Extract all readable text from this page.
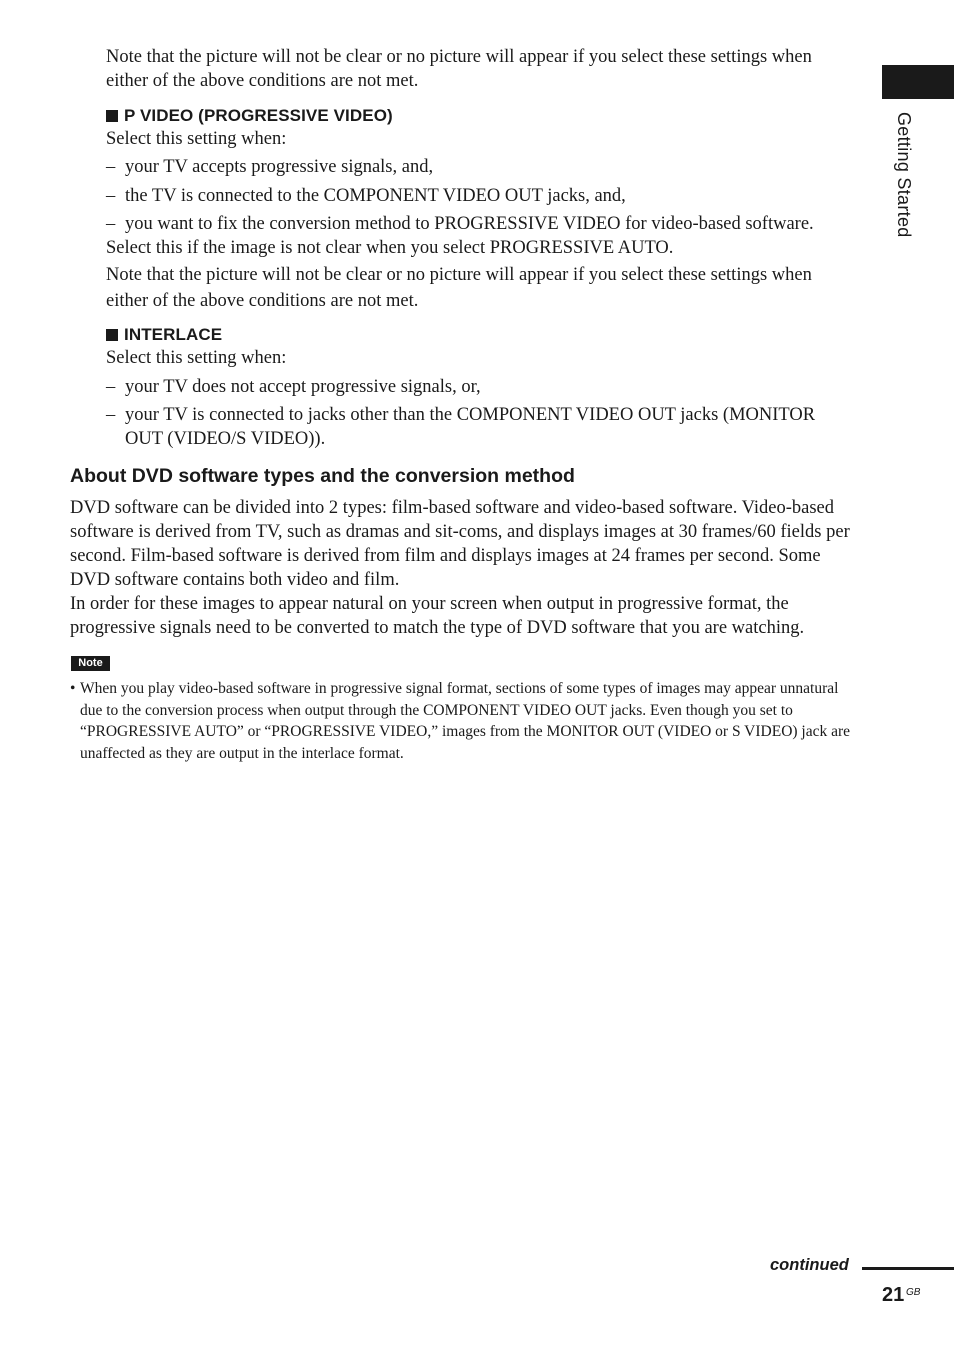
Getting Started
Note that the picture will not be clear or no picture will appear if you select these settings when either of the above conditions are not met.
P VIDEO (PROGRESSIVE VIDEO)
Select this setting when:
– your TV accepts progressive signals, and,
– the TV is connected to the COMPONENT VIDEO OUT jacks, and,
– you want to fix the conversion method to PROGRESSIVE VIDEO for video-based software.
Select this if the image is not clear when you select PROGRESSIVE AUTO.
Note that the picture will not be clear or no picture will appear if you select these settings when either of the above conditions are not met.
INTERLACE
Select this setting when:
– your TV does not accept progressive signals, or,
– your TV is connected to jacks other than the COMPONENT VIDEO OUT jacks (MONITOR OUT (VIDEO/S VIDEO)).
About DVD software types and the conversion method
DVD software can be divided into 2 types: film-based software and video-based software. Video-based software is derived from TV, such as dramas and sit-coms, and displays images at 30 frames/60 fields per second. Film-based software is derived from film and displays images at 24 frames per second. Some DVD software contains both video and film.
In order for these images to appear natural on your screen when output in progressive format, the progressive signals need to be converted to match the type of DVD software that you are watching.
Note
• When you play video-based software in progressive signal format, sections of some types of images may appear unnatural due to the conversion process when output through the COMPONENT VIDEO OUT jacks. Even though you set to “PROGRESSIVE AUTO” or “PROGRESSIVE VIDEO,” images from the MONITOR OUT (VIDEO or S VIDEO) jack are unaffected as they are output in the interlace format.
continued
21 GB
